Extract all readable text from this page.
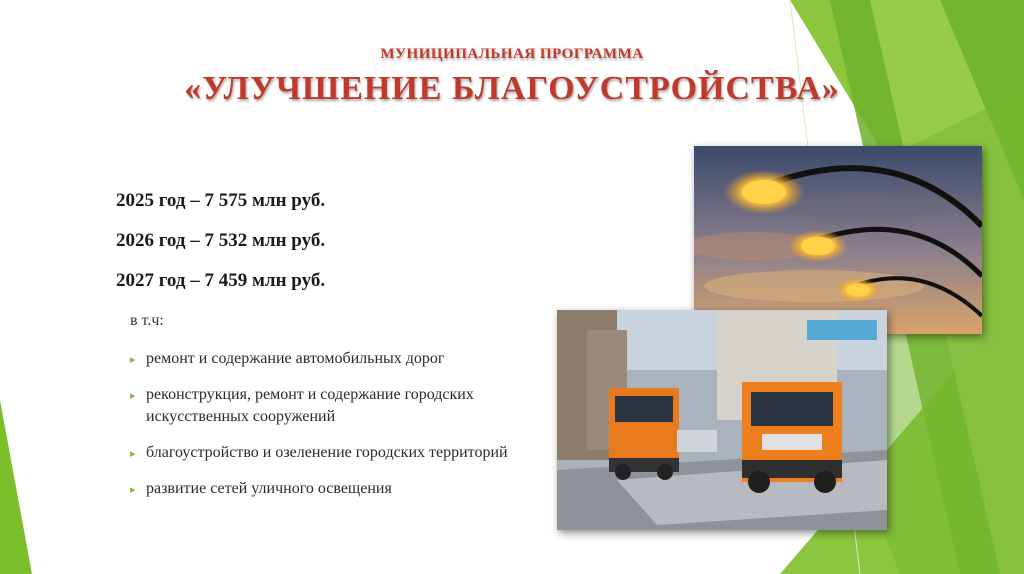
МУНИЦИПАЛЬНАЯ ПРОГРАММА
«УЛУЧШЕНИЕ БЛАГОУСТРОЙСТВА»
2025 год – 7 575 млн руб.
2026 год – 7 532 млн руб.
2027 год – 7 459 млн руб.
в т.ч:
▸ ремонт и содержание автомобильных дорог
▸ реконструкция, ремонт и содержание городских искусственных сооружений
▸ благоустройство и озеленение городских территорий
▸ развитие сетей уличного освещения
